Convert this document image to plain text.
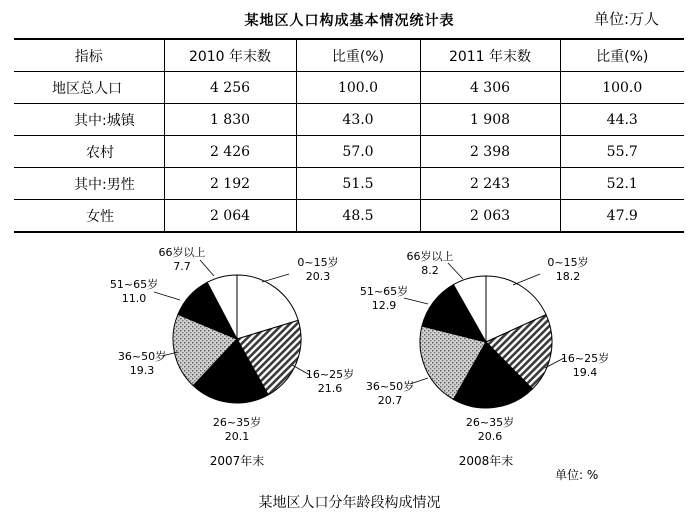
某地区人口构成基本情况统计表	单位:万人
指标	2010 年末数	比重(%)	2011 年末数	比重(%)
地区总人口	4 256	100.0	4 306	100.0
其中:城镇	1 830	43.0	1 908	44.3
农村	2 426	57.0	2 398	55.7
其中:男性	2 192	51.5	2 243	52.1
女性	2 064	48.5	2 063	47.9
0~15岁
20.3
16~25岁
21.6
26~35岁
20.1
36~50岁
19.3
51~65岁
11.0
66岁以上
7.7
2007年末
0~15岁
18.2
16~25岁
19.4
26~35岁
20.6
36~50岁
20.7
51~65岁
12.9
66岁以上
8.2
2008年末
单位: %
某地区人口分年龄段构成情况
